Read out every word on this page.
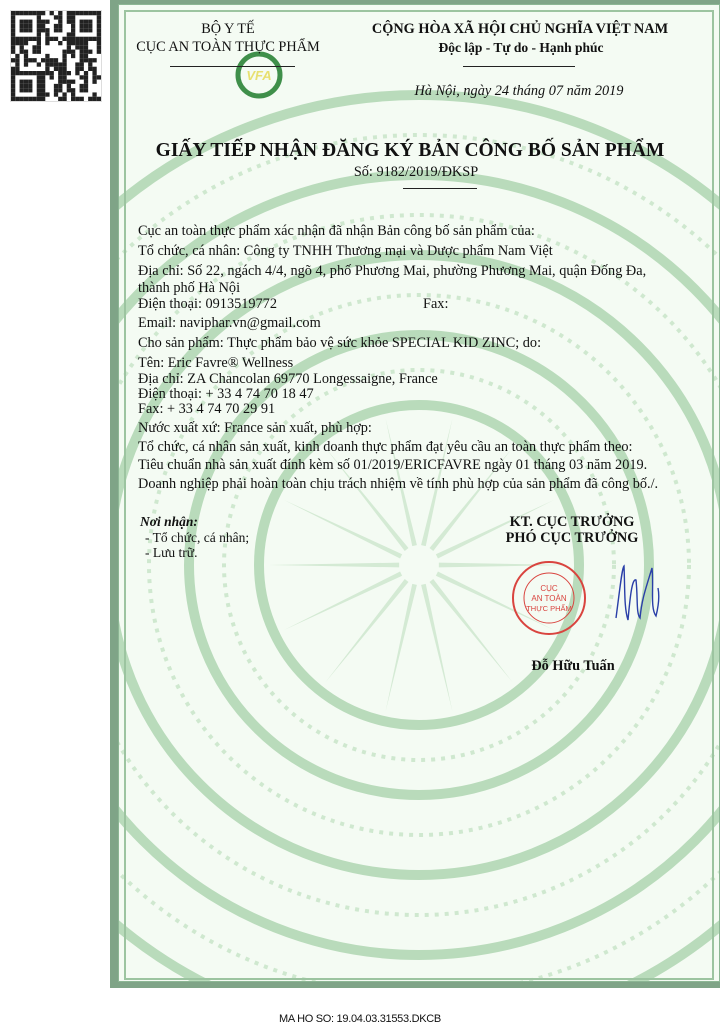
VFA
BỘ Y TẾ
CỤC AN TOÀN THỰC PHẨM
CỘNG HÒA XÃ HỘI CHỦ NGHĨA VIỆT NAM
Độc lập - Tự do - Hạnh phúc
Hà Nội, ngày 24 tháng 07 năm 2019
GIẤY TIẾP NHẬN ĐĂNG KÝ BẢN CÔNG BỐ SẢN PHẨM
Số: 9182/2019/ĐKSP
Cục an toàn thực phẩm xác nhận đã nhận Bản công bố sản phẩm của:
Tổ chức, cá nhân: Công ty TNHH Thương mại và Dược phẩm Nam Việt
Địa chỉ: Số 22, ngách 4/4, ngõ 4, phố Phương Mai, phường Phương Mai, quận Đống Đa,
thành phố Hà Nội
Điện thoại: 0913519772	Fax:
Email: naviphar.vn@gmail.com
Cho sản phẩm: Thực phẩm bảo vệ sức khỏe SPECIAL KID ZINC; do:
Tên: Eric Favre® Wellness
Địa chỉ: ZA Chancolan 69770 Longessaigne, France
Điện thoại: + 33 4 74 70 18 47
Fax: + 33 4 74 70 29 91
Nước xuất xứ: France sản xuất, phù hợp:
Tổ chức, cá nhân sản xuất, kinh doanh thực phẩm đạt yêu cầu an toàn thực phẩm theo:
Tiêu chuẩn nhà sản xuất đính kèm số 01/2019/ERICFAVRE ngày 01 tháng 03 năm 2019.
Doanh nghiệp phải hoàn toàn chịu trách nhiệm về tính phù hợp của sản phẩm đã công bố./.
Nơi nhận:
- Tổ chức, cá nhân;
- Lưu trữ.
KT. CỤC TRƯỞNG
PHÓ CỤC TRƯỞNG
CỤC
AN TOÀN
THỰC PHẨM
Đỗ Hữu Tuấn
MA HO SO: 19.04.03.31553.DKCB
